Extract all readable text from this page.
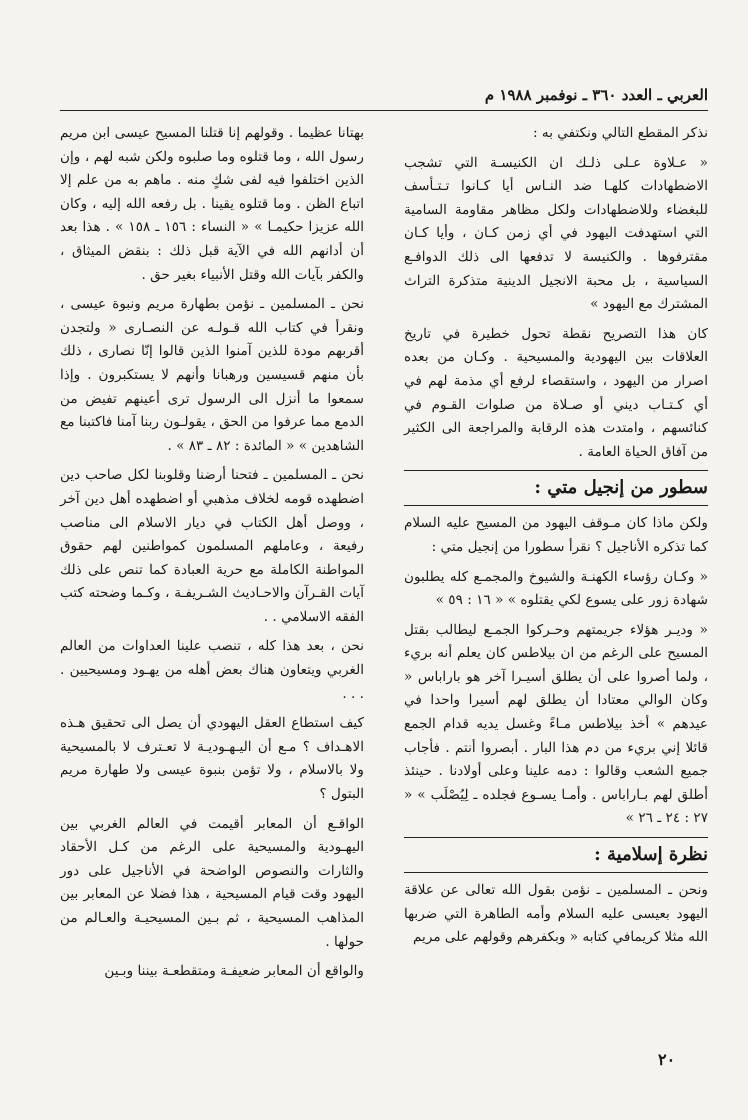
العربي ـ العدد ٣٦٠ ـ نوفمبر ١٩٨٨ م

نذكر المقطع التالي ونكتفي به :

« عـلاوة عـلى ذلـك ان الكنيسـة التي تشجب الاضطهادات كلهـا ضد النـاس أيا كـانوا تـتـأسف للبغضاء وللاضطهادات ولكل مظاهر مقاومة السامية التي استهدفت اليهود في أي زمن كـان ، وأيا كـان مقترفوها . والكنيسة لا تدفعها الى ذلك الدوافـع السياسية ، بل محبة الانجيل الدينية متذكرة التراث المشترك مع اليهود »

كان هذا التصريح نقطة تحول خطيرة في تاريخ العلاقات بين اليهودية والمسيحية . وكـان من بعده اصرار من اليهود ، واستقصاء لرفع أي مذمة لهم في أي كـتـاب ديني أو صـلاة من صلوات القـوم في كنائسهم ، وامتدت هذه الرقابة والمراجعة الى الكثير من آفاق الحياة العامة .

سطور من إنجيل متي :

ولكن ماذا كان مـوقف اليهود من المسيح عليه السلام كما تذكره الأناجيل ؟ نقرأ سطورا من إنجيل متي :

« وكـان رؤساء الكهنـة والشيوخ والمجمـع كله يطلبون شهادة زور على يسوع لكي يقتلوه » « ١٦ : ٥٩ »

« وديـر هؤلاء جريمتهم وحـركوا الجمـع ليطالب بقتل المسيح على الرغم من ان بيلاطس كان يعلم أنه بريء ، ولما أصروا على أن يطلق أسيـرا آخر هو باراباس « وكان الوالي معتادا أن يطلق لهم أسيرا واحدا في عيدهم » أخذ بيلاطس مـاءً وغسل يديه قدام الجمع قائلا إني بريء من دم هذا البار . أبصروا أنتم . فأجاب جميع الشعب وقالوا : دمه علينا وعلى أولادنا . حينئذ أطلق لهم بـاراباس . وأمـا يسـوع فجلده ـ لِيُصْلَب » « ٢٧ : ٢٤ ـ ٢٦ »

نظرة إسلامية :

ونحن ـ المسلمين ـ نؤمن بقول الله تعالى عن علاقة اليهود بعيسى عليه السلام وأمه الطاهرة التي ضربها الله مثلا كريمافي كتابه « وبكفرهم وقولهم على مريم

بهتانا عظيما . وقولهم إنا قتلنا المسيح عيسى ابن مريم رسول الله ، وما قتلوه وما صلبوه ولكن شبه لهم ، وإن الذين اختلفوا فيه لفى شكٍ منه . ماهم به من علم إلا اتباع الظن . وما قتلوه يقينا . بل رفعه الله إليه ، وكان الله عزيزا حكيمـا » « النساء : ١٥٦ ـ ١٥٨ » . هذا بعد أن أدانهم الله في الآية قبل ذلك : بنقض الميثاق ، والكفر بآيات الله وقتل الأنبياء بغير حق .

نحن ـ المسلمين ـ نؤمن بطهارة مريم ونبوة عيسى ، ونقرأ في كتاب الله قـولـه عن النصـارى « ولتجدن أقربهم مودة للذين آمنوا الذين قالوا إنّا نصارى ، ذلك بأن منهم قسيسين ورهبانا وأنهم لا يستكبرون . وإذا سمعوا ما أنزل الى الرسول ترى أعينهم تفيض من الدمع مما عرفوا من الحق ، يقولـون ربنا آمنا فاكتبنا مع الشاهدين » « المائدة : ٨٢ ـ ٨٣ » .

نحن ـ المسلمين ـ فتحنا أرضنا وقلوبنا لكل صاحب دين اضطهده قومه لخلاف مذهبي أو اضطهده أهل دين آخر ، ووصل أهل الكتاب في ديار الاسلام الى مناصب رفيعة ، وعاملهم المسلمون كمواطنين لهم حقوق المواطنة الكاملة مع حرية العبادة كما تنص على ذلك آيات القـرآن والاحـاديث الشـريفـة ، وكـما وضحته كتب الفقه الاسلامي . .

نحن ، بعد هذا كله ، تنصب علينا العداوات من العالم الغربي ويتعاون هناك بعض أهله من يهـود ومسيحيين . . . .

كيف استطاع العقل اليهودي أن يصل الى تحقيق هـذه الاهـداف ؟ مـع أن اليـهـوديـة لا تعـترف لا بالمسيحية ولا بالاسلام ، ولا تؤمن بنبوة عيسى ولا طهارة مريم البتول ؟

الواقـع أن المعابر أقيمت في العالم الغربي بين اليهـودية والمسيحية على الرغم من كـل الأحقاد والثارات والنصوص الواضحة في الأناجيل على دور اليهود وقت قيام المسيحية ، هذا فضلا عن المعابر بين المذاهب المسيحية ، ثم بـين المسيحيـة والعـالم من حولها .

والواقع أن المعابر ضعيفـة ومتقطعـة بيننا وبـين

٢٠
